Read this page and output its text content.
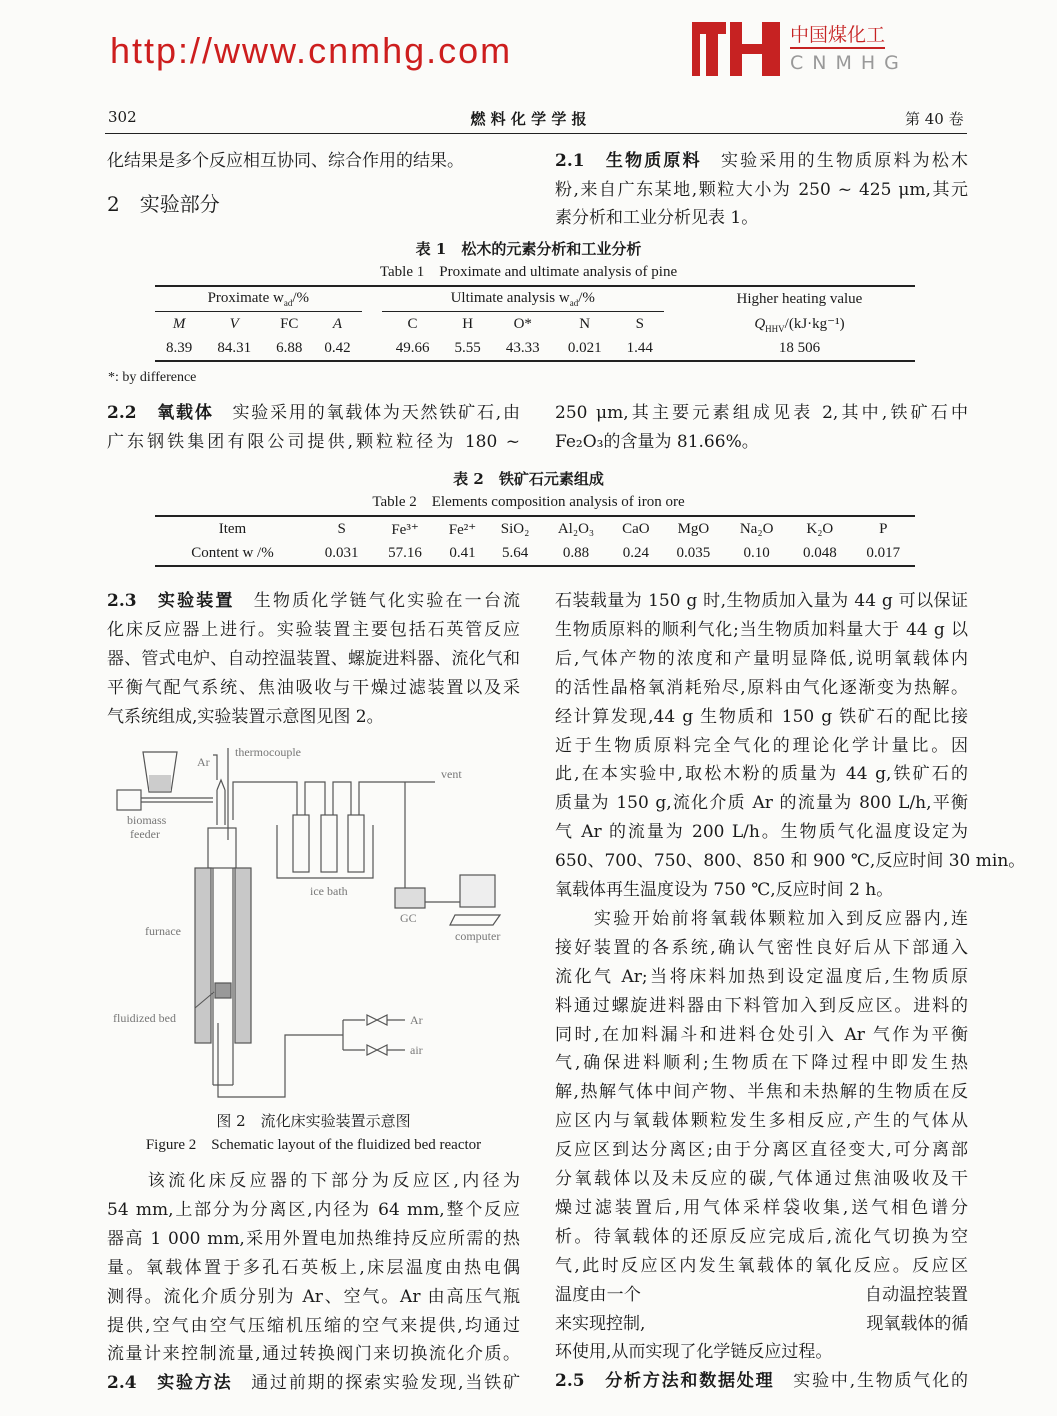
http://www.cnmhg.com	中国煤化工
CNMHG
302	燃 料 化 学 学 报	第 40 卷
化结果是多个反应相互协同、综合作用的结果。
2　实验部分
2.1　生物质原料　实验采用的生物质原料为松木
粉,来自广东某地,颗粒大小为 250 ~ 425 μm,其元
素分析和工业分析见表 1。
2.2　氧载体　实验采用的氧载体为天然铁矿石,由
广东钢铁集团有限公司提供,颗粒粒径为 180 ~
250 μm,其主要元素组成见表 2,其中,铁矿石中
Fe₂O₃的含量为 81.66%。
2.3　实验装置　生物质化学链气化实验在一台流
化床反应器上进行。实验装置主要包括石英管反应
器、管式电炉、自动控温装置、螺旋进料器、流化气和
平衡气配气系统、焦油吸收与干燥过滤装置以及采
气系统组成,实验装置示意图见图 2。
　　该流化床反应器的下部分为反应区,内径为
54 mm,上部分为分离区,内径为 64 mm,整个反应
器高 1 000 mm,采用外置电加热维持反应所需的热
量。氧载体置于多孔石英板上,床层温度由热电偶
测得。流化介质分别为 Ar、空气。Ar 由高压气瓶
提供,空气由空气压缩机压缩的空气来提供,均通过
流量计来控制流量,通过转换阀门来切换流化介质。
2.4　实验方法　通过前期的探索实验发现,当铁矿
石装载量为 150 g 时,生物质加入量为 44 g 可以保证
生物质原料的顺利气化;当生物质加料量大于 44 g 以
后,气体产物的浓度和产量明显降低,说明氧载体内
的活性晶格氧消耗殆尽,原料由气化逐渐变为热解。
经计算发现,44 g 生物质和 150 g 铁矿石的配比接
近于生物质原料完全气化的理论化学计量比。因
此,在本实验中,取松木粉的质量为 44 g,铁矿石的
质量为 150 g,流化介质 Ar 的流量为 800 L/h,平衡
气 Ar 的流量为 200 L/h。生物质气化温度设定为
650、700、750、800、850 和 900 ℃,反应时间 30 min。
氧载体再生温度设为 750 ℃,反应时间 2 h。
　　实验开始前将氧载体颗粒加入到反应器内,连
接好装置的各系统,确认气密性良好后从下部通入
流化气 Ar;当将床料加热到设定温度后,生物质原
料通过螺旋进料器由下料管加入到反应区。进料的
同时,在加料漏斗和进料仓处引入 Ar 气作为平衡
气,确保进料顺利;生物质在下降过程中即发生热
解,热解气体中间产物、半焦和未热解的生物质在反
应区内与氧载体颗粒发生多相反应,产生的气体从
反应区到达分离区;由于分离区直径变大,可分离部
分氧载体以及未反应的碳,气体通过焦油吸收及干
燥过滤装置后,用气体采样袋收集,送气相色谱分
析。待氧载体的还原反应完成后,流化气切换为空
气,此时反应区内发生氧载体的氧化反应。反应区
温度由一个　　　　　　　　　　　　　自动温控装置
来实现控制,　　　　　　　　　　　　　现氧载体的循
环使用,从而实现了化学链反应过程。
2.5　分析方法和数据处理　实验中,生物质气化的
表 1　松木的元素分析和工业分析
Table 1　Proximate and ultimate analysis of pine
Proximate $w_{ad}/\%$					Ultimate analysis $w_{ad}/\%$						Higher heating value
M	V	FC	A		C	H	O*	N	S		$Q_{HHV}/(kJ\cdot kg^{-1})$
8.39	84.31	6.88	0.42		49.66	5.55	43.33	0.021	1.44		18 506
*: by difference
表 2　铁矿石元素组成
Table 2　Elements composition analysis of iron ore
Item	S	Fe³⁺	Fe²⁺	SiO₂	Al₂O₃	CaO	MgO	Na₂O	K₂O	P
Content w /%	0.031	57.16	0.41	5.64	0.88	0.24	0.035	0.10	0.048	0.017
thermocouple
Ar
biomass
feeder
vent
ice bath
GC
computer
furnace
fluidized bed	Ar
air
图 2　流化床实验装置示意图
Figure 2　Schematic layout of the fluidized bed reactor
